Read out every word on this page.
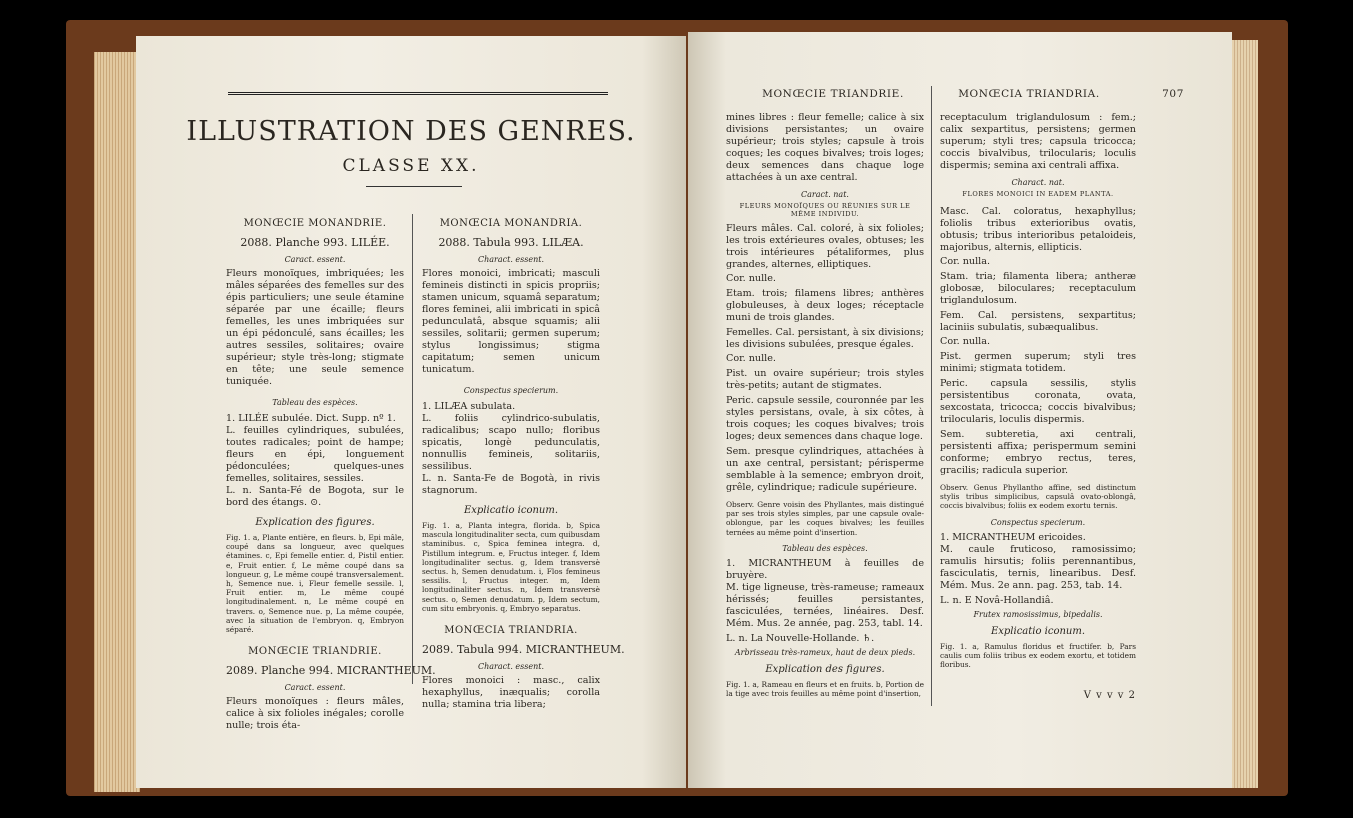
ILLUSTRATION DES GENRES.
CLASSE XX.
MONŒCIE MONANDRIE.
2088. Planche 993. LILÉE.
Caract. essent.
Fleurs monoïques, imbriquées; les mâles séparées des femelles sur des épis particuliers; une seule étamine séparée par une écaille; fleurs femelles, les unes imbriquées sur un épi pédonculé, sans écailles; les autres sessiles, solitaires; ovaire supérieur; style très-long; stigmate en tête; une seule semence tuniquée.
Tableau des espèces.
1. LILÉE subulée. Dict. Supp. nº 1.
L. feuilles cylindriques, subulées, toutes radicales; point de hampe; fleurs en épi, longuement pédonculées; quelques-unes femelles, solitaires, sessiles.
L. n. Santa-Fé de Bogota, sur le bord des étangs. ⊙.
Explication des figures.
Fig. 1. a, Plante entière, en fleurs. b, Epi mâle, coupé dans sa longueur, avec quelques étamines. c, Epi femelle entier. d, Pistil entier. e, Fruit entier. f, Le même coupé dans sa longueur. g, Le même coupé transversalement. h, Semence nue. i, Fleur femelle sessile. l, Fruit entier. m, Le même coupé longitudinalement. n, Le même coupé en travers. o, Semence nue. p, La même coupée, avec la situation de l'embryon. q, Embryon séparé.
MONŒCIE TRIANDRIE.
2089. Planche 994. MICRANTHEUM.
Caract. essent.
Fleurs monoïques : fleurs mâles, calice à six folioles inégales; corolle nulle; trois éta-
MONŒCIA MONANDRIA.
2088. Tabula 993. LILÆA.
Charact. essent.
Flores monoici, imbricati; masculi femineis distincti in spicis propriis; stamen unicum, squamâ separatum; flores feminei, alii imbricati in spicâ pedunculatâ, absque squamis; alii sessiles, solitarii; germen superum; stylus longissimus; stigma capitatum; semen unicum tunicatum.
Conspectus specierum.
1. LILÆA subulata.
L. foliis cylindrico-subulatis, radicalibus; scapo nullo; floribus spicatis, longè pedunculatis, nonnullis femineis, solitariis, sessilibus.
L. n. Santa-Fe de Bogotà, in rivis stagnorum.
Explicatio iconum.
Fig. 1. a, Planta integra, florida. b, Spica mascula longitudinaliter secta, cum quibusdam staminibus. c, Spica feminea integra. d, Pistillum integrum. e, Fructus integer. f, Idem longitudinaliter sectus. g, Idem transversè sectus. h, Semen denudatum. i, Flos femineus sessilis. l, Fructus integer. m, Idem longitudinaliter sectus. n, Idem transversè sectus. o, Semen denudatum. p, Idem sectum, cum situ embryonis. q, Embryo separatus.
MONŒCIA TRIANDRIA.
2089. Tabula 994. MICRANTHEUM.
Charact. essent.
Flores monoici : masc., calix hexaphyllus, inæqualis; corolla nulla; stamina tria libera;
MONŒCIE TRIANDRIE.	MONŒCIA TRIANDRIA.	707
mines libres : fleur femelle; calice à six divisions persistantes; un ovaire supérieur; trois styles; capsule à trois coques; les coques bivalves; trois loges; deux semences dans chaque loge attachées à un axe central.
Caract. nat.
FLEURS MONOÏQUES OU RÉUNIES SUR LE MÊME INDIVIDU.
Fleurs mâles. Cal. coloré, à six folioles; les trois extérieures ovales, obtuses; les trois intérieures pétaliformes, plus grandes, alternes, elliptiques.
Cor. nulle.
Etam. trois; filamens libres; anthères globuleuses, à deux loges; réceptacle muni de trois glandes.
Femelles. Cal. persistant, à six divisions; les divisions subulées, presque égales.
Cor. nulle.
Pist. un ovaire supérieur; trois styles très-petits; autant de stigmates.
Peric. capsule sessile, couronnée par les styles persistans, ovale, à six côtes, à trois coques; les coques bivalves; trois loges; deux semences dans chaque loge.
Sem. presque cylindriques, attachées à un axe central, persistant; périsperme semblable à la semence; embryon droit, grêle, cylindrique; radicule supérieure.
Observ. Genre voisin des Phyllantes, mais distingué par ses trois styles simples, par une capsule ovale-oblongue, par les coques bivalves; les feuilles ternées au même point d'insertion.
Tableau des espèces.
1. MICRANTHEUM à feuilles de bruyère.
M. tige ligneuse, très-rameuse; rameaux hérissés; feuilles persistantes, fasciculées, ternées, linéaires. Desf. Mém. Mus. 2e année, pag. 253, tabl. 14.
L. n. La Nouvelle-Hollande. ♄.
Arbrisseau très-rameux, haut de deux pieds.
Explication des figures.
Fig. 1. a, Rameau en fleurs et en fruits. b, Portion de la tige avec trois feuilles au même point d'insertion,
receptaculum triglandulosum : fem.; calix sexpartitus, persistens; germen superum; styli tres; capsula tricocca; coccis bivalvibus, trilocularis; loculis dispermis; semina axi centrali affixa.
Charact. nat.
FLORES MONOICI IN EADEM PLANTA.
Masc. Cal. coloratus, hexaphyllus; foliolis tribus exterioribus ovatis, obtusis; tribus interioribus petaloideis, majoribus, alternis, ellipticis.
Cor. nulla.
Stam. tria; filamenta libera; antheræ globosæ, biloculares; receptaculum triglandulosum.
Fem. Cal. persistens, sexpartitus; laciniis subulatis, subæqualibus.
Cor. nulla.
Pist. germen superum; styli tres minimi; stigmata totidem.
Peric. capsula sessilis, stylis persistentibus coronata, ovata, sexcostata, tricocca; coccis bivalvibus; trilocularis, loculis dispermis.
Sem. subteretia, axi centrali, persistenti affixa; perispermum semini conforme; embryo rectus, teres, gracilis; radicula superior.
Observ. Genus Phyllantho affine, sed distinctum stylis tribus simplicibus, capsulâ ovato-oblongâ, coccis bivalvibus; foliis ex eodem exortu ternis.
Conspectus specierum.
1. MICRANTHEUM ericoides.
M. caule fruticoso, ramosissimo; ramulis hirsutis; foliis perennantibus, fasciculatis, ternis, linearibus. Desf. Mém. Mus. 2e ann. pag. 253, tab. 14.
L. n. E Novâ-Hollandiâ.
Frutex ramosissimus, bipedalis.
Explicatio iconum.
Fig. 1. a, Ramulus floridus et fructifer. b, Pars caulis cum foliis tribus ex eodem exortu, et totidem floribus.
V v v v 2
